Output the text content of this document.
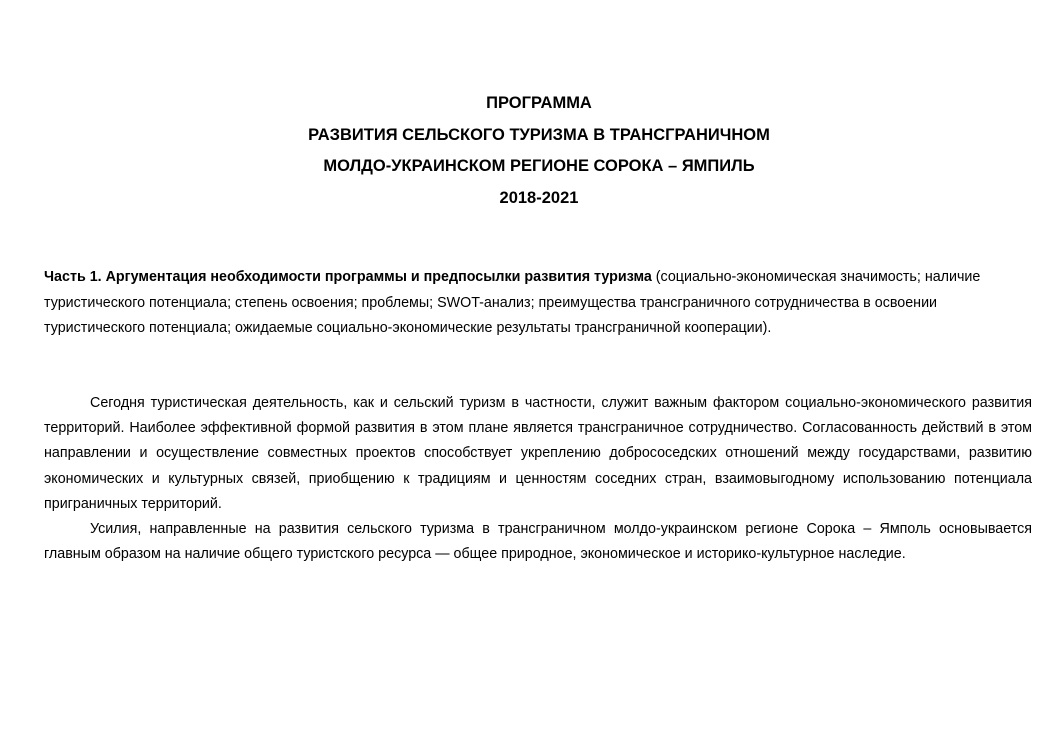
ПРОГРАММА
РАЗВИТИЯ СЕЛЬСКОГО ТУРИЗМА В ТРАНСГРАНИЧНОМ
МОЛДО-УКРАИНСКОМ РЕГИОНЕ СОРОКА – ЯМПИЛЬ
2018-2021
Часть 1. Аргументация необходимости программы и предпосылки развития туризма (социально-экономическая значимость; наличие туристического потенциала; степень освоения; проблемы; SWOT-анализ; преимущества трансграничного сотрудничества в освоении туристического потенциала; ожидаемые социально-экономические результаты трансграничной кооперации).

Сегодня туристическая деятельность, как и сельский туризм в частности, служит важным фактором социально-экономического развития территорий. Наиболее эффективной формой развития в этом плане является трансграничное сотрудничество. Согласованность действий в этом направлении и осуществление совместных проектов способствует укреплению добрососедских отношений между государствами, развитию экономических и культурных связей, приобщению к традициям и ценностям соседних стран, взаимовыгодному использованию потенциала приграничных территорий.

Усилия, направленные на развития сельского туризма в трансграничном молдо-украинском регионе Сорока – Ямполь основывается главным образом на наличие общего туристского ресурса — общее природное, экономическое и историко-культурное наследие.
